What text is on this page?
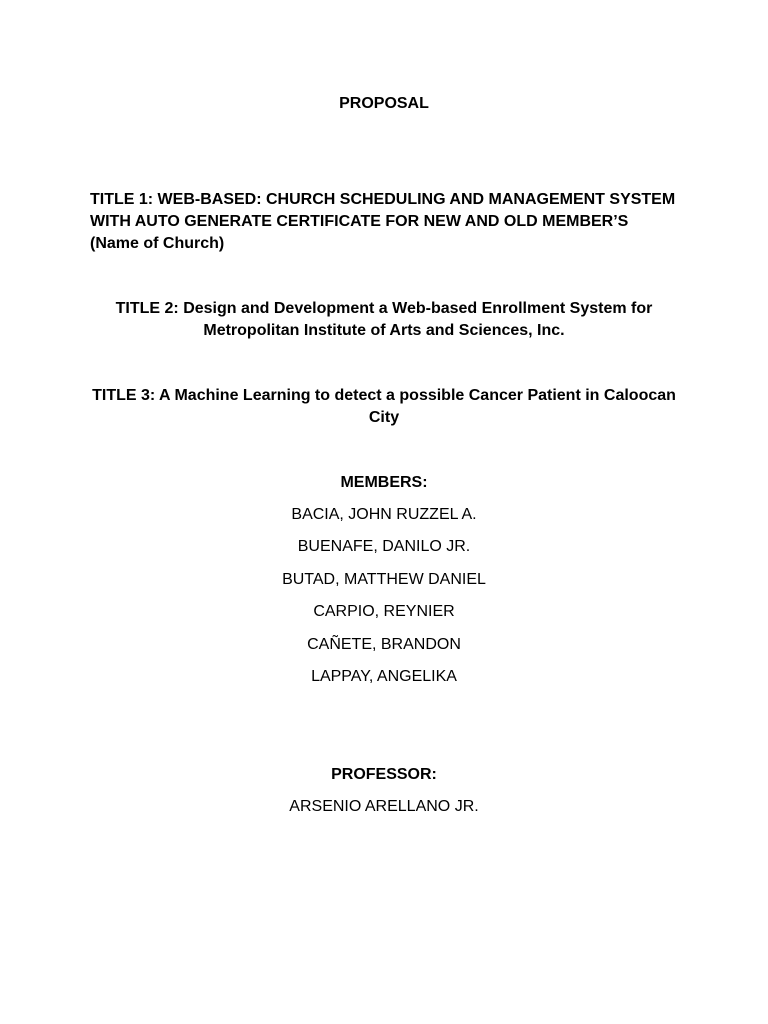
PROPOSAL

TITLE 1: WEB-BASED: CHURCH SCHEDULING AND MANAGEMENT SYSTEM WITH AUTO GENERATE CERTIFICATE FOR NEW AND OLD MEMBER’S (Name of Church)

TITLE 2: Design and Development a Web-based Enrollment System for Metropolitan Institute of Arts and Sciences, Inc.

TITLE 3: A Machine Learning to detect a possible Cancer Patient in Caloocan City

MEMBERS:

BACIA, JOHN RUZZEL A.
BUENAFE, DANILO JR.
BUTAD, MATTHEW DANIEL
CARPIO, REYNIER
CAÑETE, BRANDON
LAPPAY, ANGELIKA

PROFESSOR:

ARSENIO ARELLANO JR.
